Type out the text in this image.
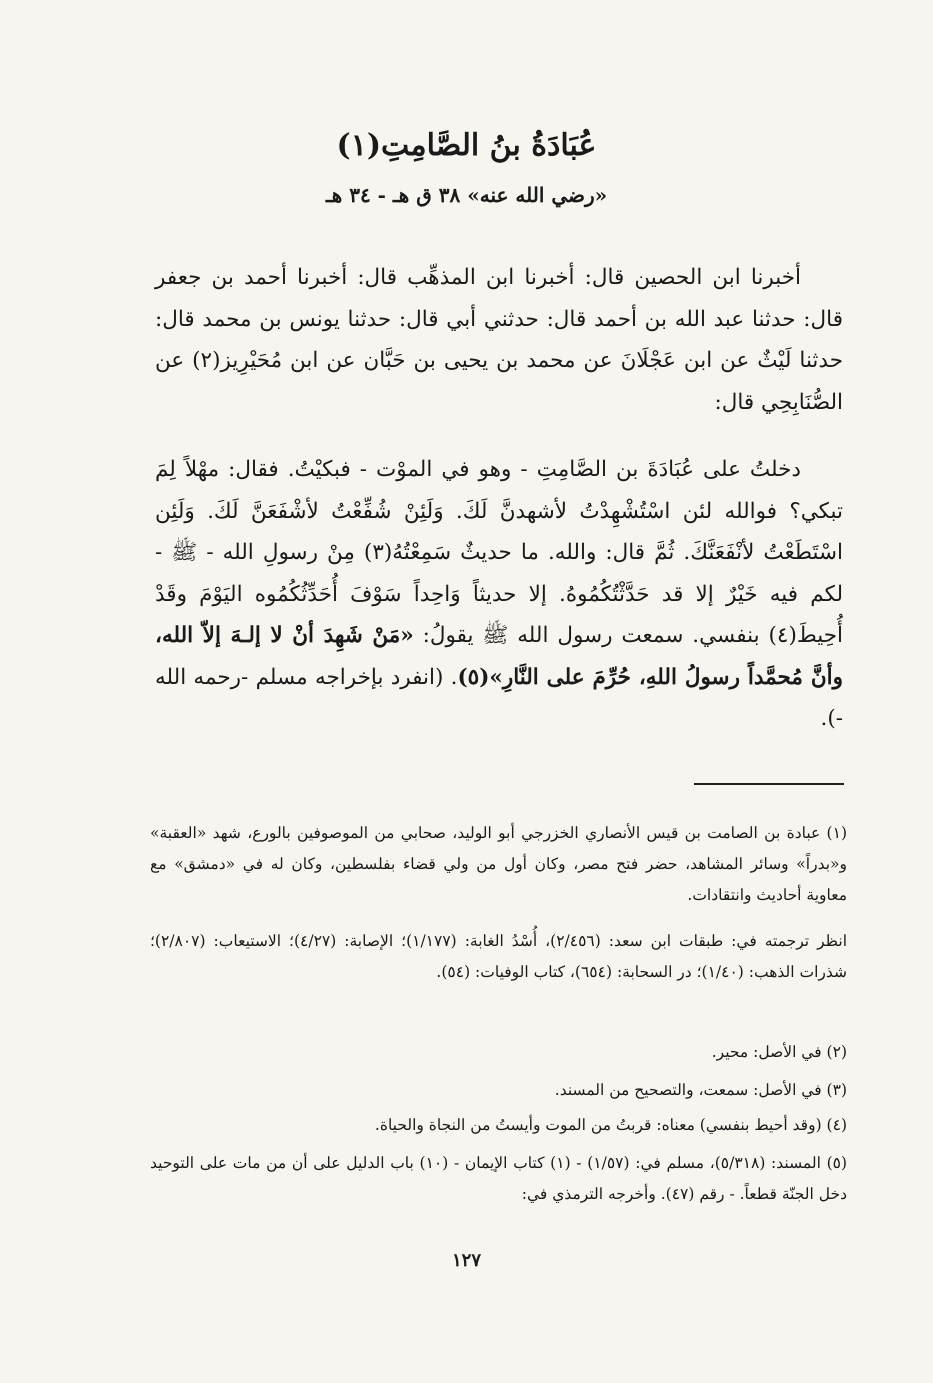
عُبَادَةُ بنُ الصَّامِتِ(١)
«رضي الله عنه» ٣٨ ق هـ - ٣٤ هـ

أخبرنا ابن الحصين قال: أخبرنا ابن المذهِّب قال: أخبرنا أحمد بن جعفر قال: حدثنا عبد الله بن أحمد قال: حدثني أبي قال: حدثنا يونس بن محمد قال: حدثنا لَيْثٌ عن ابن عَجْلَانَ عن محمد بن يحيى بن حَبَّان عن ابن مُحَيْرِيز(٢) عن الصُّنَابِحِي قال:

دخلتُ على عُبَادَةَ بن الصَّامِتِ - وهو في الموْت - فبكيْتُ. فقال: مهْلاً لِمَ تبكي؟ فوالله لئن اسْتُشْهِدْتُ لأشهدنَّ لَكَ. وَلَئِنْ شُفِّعْتُ لأشْفَعَنَّ لَكَ. وَلَئِن اسْتَطَعْتُ لأنْفَعَنَّكَ. ثُمَّ قال: والله. ما حديثٌ سَمِعْتُهُ(٣) مِنْ رسولِ الله - ﷺ - لكم فيه خَيْرٌ إلا قد حَدَّثْتُكُمُوهُ. إلا حديثاً وَاحِداً سَوْفَ أُحَدِّثُكُمُوه اليَوْمَ وقَدْ أُحِيطَ(٤) بنفسي. سمعت رسول الله ﷺ يقولُ: «مَنْ شَهِدَ أنْ لا إلـهَ إلاّ الله، وأنَّ مُحمَّداً رسولُ اللهِ، حُرِّمَ على النَّارِ»(٥). (انفرد بإخراجه مسلم -رحمه الله -).

(١) عبادة بن الصامت بن قيس الأنصاري الخزرجي أبو الوليد، صحابي من الموصوفين بالورع، شهد «العقبة» و«بدراً» وسائر المشاهد، حضر فتح مصر، وكان أول من ولي قضاء بفلسطين، وكان له في «دمشق» مع معاوية أحاديث وانتقادات.

انظر ترجمته في: طبقات ابن سعد: (٢/٤٥٦)، أُسْدُ الغابة: (١/١٧٧)؛ الإصابة: (٤/٢٧)؛ الاستيعاب: (٢/٨٠٧)؛ شذرات الذهب: (١/٤٠)؛ در السحابة: (٦٥٤)، كتاب الوفيات: (٥٤).

(٢) في الأصل: محير.

(٣) في الأصل: سمعت، والتصحيح من المسند.

(٤) (وقد أحيط بنفسي) معناه: قربتُ من الموت وأيستُ من النجاة والحياة.

(٥) المسند: (٥/٣١٨)، مسلم في: (١/٥٧) - (١) كتاب الإيمان - (١٠) باب الدليل على أن من مات على التوحيد دخل الجنّة قطعاً. - رقم (٤٧). وأخرجه الترمذي في:

١٢٧
